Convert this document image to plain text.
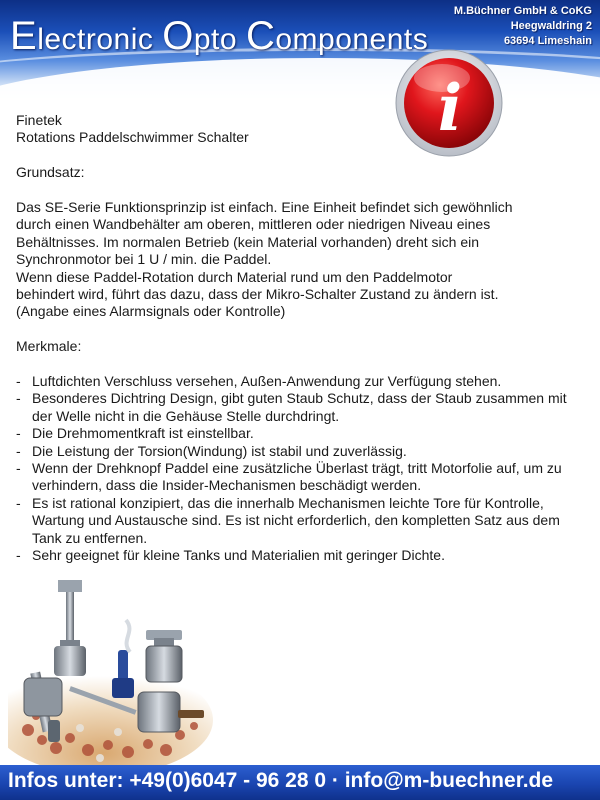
Electronic Opto Components
M.Büchner GmbH & CoKG
Heegwaldring 2
63694 Limeshain
i

Finetek

Rotations Paddelschwimmer Schalter

Grundsatz:

Das SE-Serie Funktionsprinzip ist einfach. Eine Einheit befindet sich gewöhnlich

durch einen Wandbehälter am oberen, mittleren oder niedrigen Niveau eines

Behältnisses. Im normalen Betrieb (kein Material vorhanden) dreht sich ein

Synchronmotor bei 1 U / min. die Paddel.

Wenn diese Paddel-Rotation durch Material rund um den Paddelmotor

behindert wird, führt das dazu, dass der Mikro-Schalter Zustand zu ändern ist.

(Angabe eines Alarmsignals oder Kontrolle)

Merkmale:

- Luftdichten Verschluss versehen, Außen-Anwendung zur Verfügung stehen.
- Besonderes Dichtring Design, gibt guten Staub Schutz, dass der Staub zusammen mit der Welle nicht in die Gehäuse Stelle durchdringt.
- Die Drehmomentkraft ist einstellbar.
- Die Leistung der Torsion(Windung) ist stabil und zuverlässig.
- Wenn der Drehknopf Paddel eine zusätzliche Überlast trägt, tritt Motorfolie auf, um zu verhindern, dass die Insider-Mechanismen beschädigt werden.
- Es ist rational konzipiert, das die innerhalb Mechanismen leichte Tore für Kontrolle, Wartung und Austausche sind. Es ist nicht erforderlich, den kompletten Satz aus dem Tank zu entfernen.
- Sehr geeignet für kleine Tanks und Materialien mit geringer Dichte.
Infos unter: +49(0)6047 - 96 28 0 · info@m-buechner.de
